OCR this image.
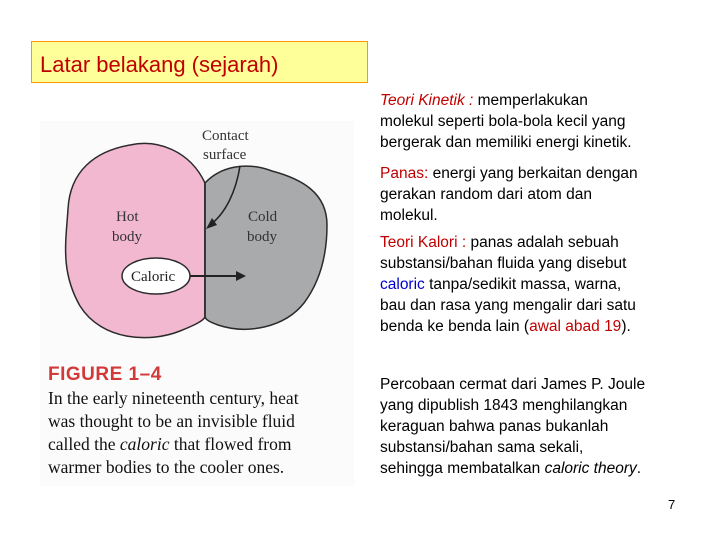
Latar belakang (sejarah)
Contact
surface
Hot
body
Cold
body
Caloric
FIGURE 1–4

In the early nineteenth century, heat

was thought to be an invisible fluid

called the caloric that flowed from

warmer bodies to the cooler ones.

Teori Kinetik : memperlakukan

molekul seperti bola-bola kecil yang

bergerak dan memiliki energi kinetik.

Panas: energi yang berkaitan dengan

gerakan random dari atom dan

molekul.

Teori Kalori : panas adalah sebuah

substansi/bahan fluida yang disebut

caloric tanpa/sedikit massa, warna,

bau dan rasa yang mengalir dari satu

benda ke benda lain (awal abad 19).

Percobaan cermat dari James P. Joule

yang dipublish 1843 menghilangkan

keraguan bahwa panas bukanlah

substansi/bahan sama sekali,

sehingga membatalkan caloric theory.

7
